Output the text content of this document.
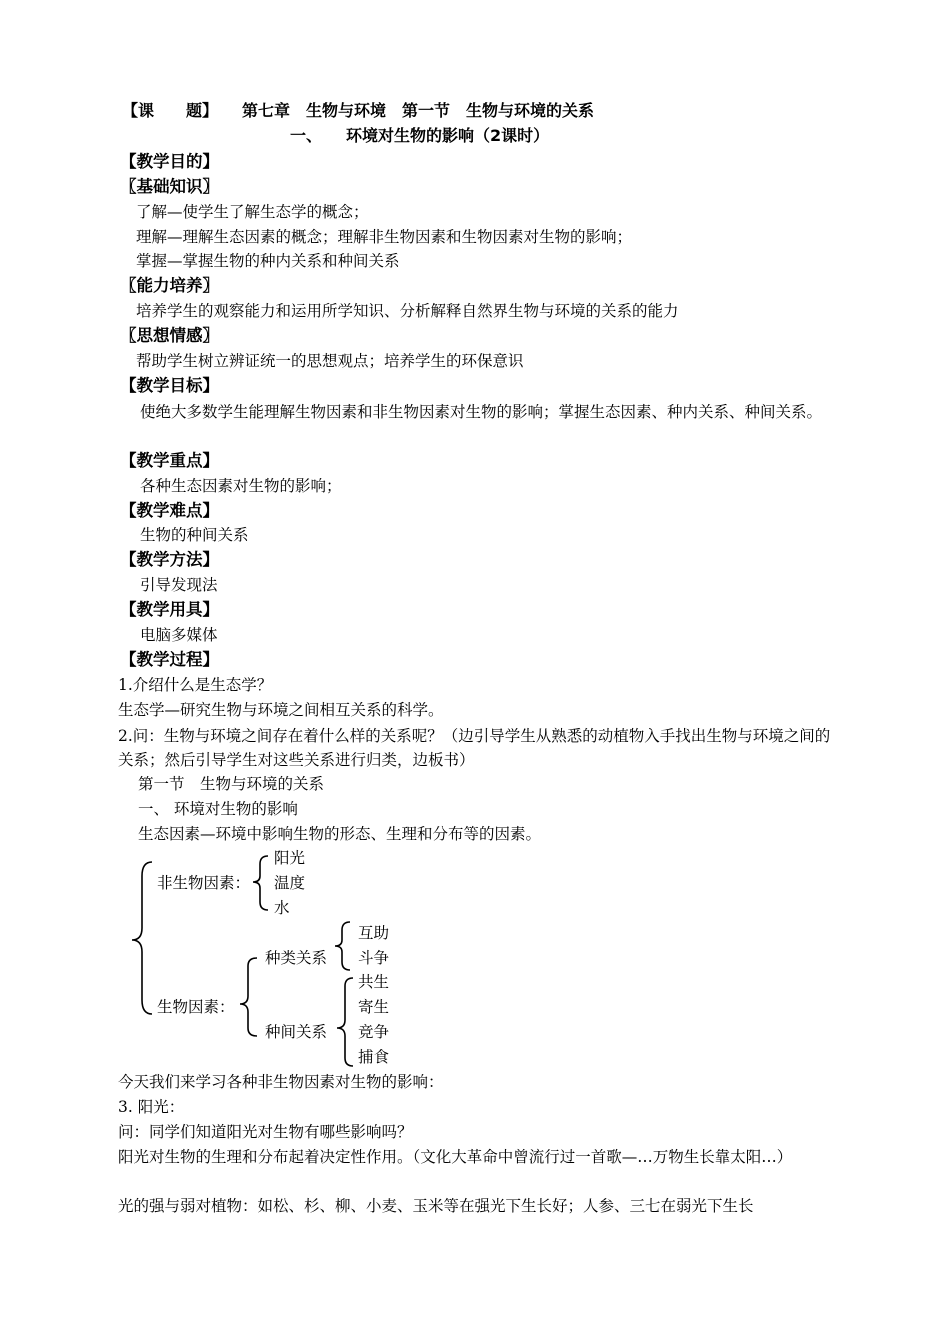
【课　　题】 第七章　生物与环境　第一节　生物与环境的关系
一、　　环境对生物的影响（2课时）
【教学目的】
〖基础知识〗
了解—使学生了解生态学的概念；
理解—理解生态因素的概念；理解非生物因素和生物因素对生物的影响；
掌握—掌握生物的种内关系和种间关系
〖能力培养〗
培养学生的观察能力和运用所学知识、分析解释自然界生物与环境的关系的能力
〖思想情感〗
帮助学生树立辨证统一的思想观点；培养学生的环保意识
【教学目标】
使绝大多数学生能理解生物因素和非生物因素对生物的影响；掌握生态因素、种内关系、种间关系。
【教学重点】
各种生态因素对生物的影响；
【教学难点】
生物的种间关系
【教学方法】
引导发现法
【教学用具】
电脑多媒体
【教学过程】
1.介绍什么是生态学？
生态学—研究生物与环境之间相互关系的科学。
2.问：生物与环境之间存在着什么样的关系呢？（边引导学生从熟悉的动植物入手找出生物与环境之间的关系；然后引导学生对这些关系进行归类，边板书）
第一节　生物与环境的关系
一、 环境对生物的影响
生态因素—环境中影响生物的形态、生理和分布等的因素。
非生物因素：
阳光
温度
水
生物因素：
种类关系
互助
斗争
种间关系
共生
寄生
竞争
捕食
今天我们来学习各种非生物因素对生物的影响：
3. 阳光：
问：同学们知道阳光对生物有哪些影响吗？
阳光对生物的生理和分布起着决定性作用。（文化大革命中曾流行过一首歌—…万物生长靠太阳…）
光的强与弱对植物：如松、杉、柳、小麦、玉米等在强光下生长好；人参、三七在弱光下生长
